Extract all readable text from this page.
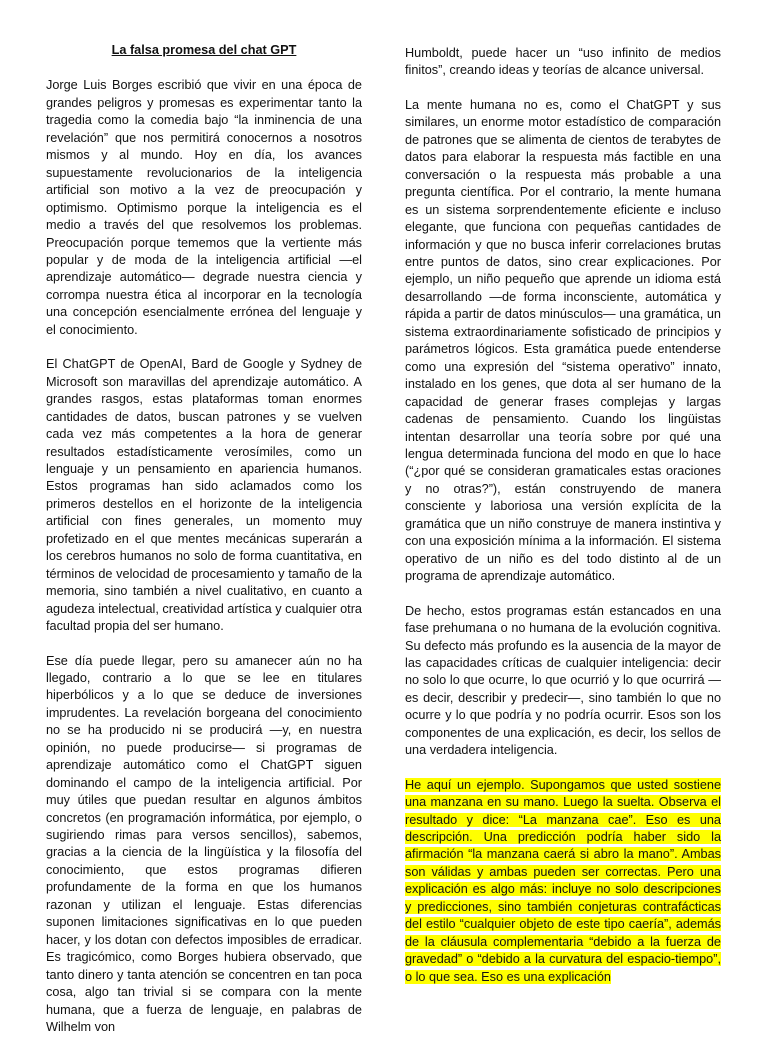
La falsa promesa del chat GPT

Jorge Luis Borges escribió que vivir en una época de grandes peligros y promesas es experimentar tanto la tragedia como la comedia bajo “la inminencia de una revelación” que nos permitirá conocernos a nosotros mismos y al mundo. Hoy en día, los avances supuestamente revolucionarios de la inteligencia artificial son motivo a la vez de preocupación y optimismo. Optimismo porque la inteligencia es el medio a través del que resolvemos los problemas. Preocupación porque tememos que la vertiente más popular y de moda de la inteligencia artificial —el aprendizaje automático— degrade nuestra ciencia y corrompa nuestra ética al incorporar en la tecnología una concepción esencialmente errónea del lenguaje y el conocimiento.

El ChatGPT de OpenAI, Bard de Google y Sydney de Microsoft son maravillas del aprendizaje automático. A grandes rasgos, estas plataformas toman enormes cantidades de datos, buscan patrones y se vuelven cada vez más competentes a la hora de generar resultados estadísticamente verosímiles, como un lenguaje y un pensamiento en apariencia humanos. Estos programas han sido aclamados como los primeros destellos en el horizonte de la inteligencia artificial con fines generales, un momento muy profetizado en el que mentes mecánicas superarán a los cerebros humanos no solo de forma cuantitativa, en términos de velocidad de procesamiento y tamaño de la memoria, sino también a nivel cualitativo, en cuanto a agudeza intelectual, creatividad artística y cualquier otra facultad propia del ser humano.

Ese día puede llegar, pero su amanecer aún no ha llegado, contrario a lo que se lee en titulares hiperbólicos y a lo que se deduce de inversiones imprudentes. La revelación borgeana del conocimiento no se ha producido ni se producirá —y, en nuestra opinión, no puede producirse— si programas de aprendizaje automático como el ChatGPT siguen dominando el campo de la inteligencia artificial. Por muy útiles que puedan resultar en algunos ámbitos concretos (en programación informática, por ejemplo, o sugiriendo rimas para versos sencillos), sabemos, gracias a la ciencia de la lingüística y la filosofía del conocimiento, que estos programas difieren profundamente de la forma en que los humanos razonan y utilizan el lenguaje. Estas diferencias suponen limitaciones significativas en lo que pueden hacer, y los dotan con defectos imposibles de erradicar. Es tragicómico, como Borges hubiera observado, que tanto dinero y tanta atención se concentren en tan poca cosa, algo tan trivial si se compara con la mente humana, que a fuerza de lenguaje, en palabras de Wilhelm von

Humboldt, puede hacer un “uso infinito de medios finitos”, creando ideas y teorías de alcance universal.

La mente humana no es, como el ChatGPT y sus similares, un enorme motor estadístico de comparación de patrones que se alimenta de cientos de terabytes de datos para elaborar la respuesta más factible en una conversación o la respuesta más probable a una pregunta científica. Por el contrario, la mente humana es un sistema sorprendentemente eficiente e incluso elegante, que funciona con pequeñas cantidades de información y que no busca inferir correlaciones brutas entre puntos de datos, sino crear explicaciones. Por ejemplo, un niño pequeño que aprende un idioma está desarrollando —de forma inconsciente, automática y rápida a partir de datos minúsculos— una gramática, un sistema extraordinariamente sofisticado de principios y parámetros lógicos. Esta gramática puede entenderse como una expresión del “sistema operativo” innato, instalado en los genes, que dota al ser humano de la capacidad de generar frases complejas y largas cadenas de pensamiento. Cuando los lingüistas intentan desarrollar una teoría sobre por qué una lengua determinada funciona del modo en que lo hace (“¿por qué se consideran gramaticales estas oraciones y no otras?”), están construyendo de manera consciente y laboriosa una versión explícita de la gramática que un niño construye de manera instintiva y con una exposición mínima a la información. El sistema operativo de un niño es del todo distinto al de un programa de aprendizaje automático.

De hecho, estos programas están estancados en una fase prehumana o no humana de la evolución cognitiva. Su defecto más profundo es la ausencia de la mayor de las capacidades críticas de cualquier inteligencia: decir no solo lo que ocurre, lo que ocurrió y lo que ocurrirá —es decir, describir y predecir—, sino también lo que no ocurre y lo que podría y no podría ocurrir. Esos son los componentes de una explicación, es decir, los sellos de una verdadera inteligencia.

He aquí un ejemplo. Supongamos que usted sostiene una manzana en su mano. Luego la suelta. Observa el resultado y dice: “La manzana cae”. Eso es una descripción. Una predicción podría haber sido la afirmación “la manzana caerá si abro la mano”. Ambas son válidas y ambas pueden ser correctas. Pero una explicación es algo más: incluye no solo descripciones y predicciones, sino también conjeturas contrafácticas del estilo “cualquier objeto de este tipo caería”, además de la cláusula complementaria “debido a la fuerza de gravedad” o “debido a la curvatura del espacio-tiempo”, o lo que sea. Eso es una explicación
